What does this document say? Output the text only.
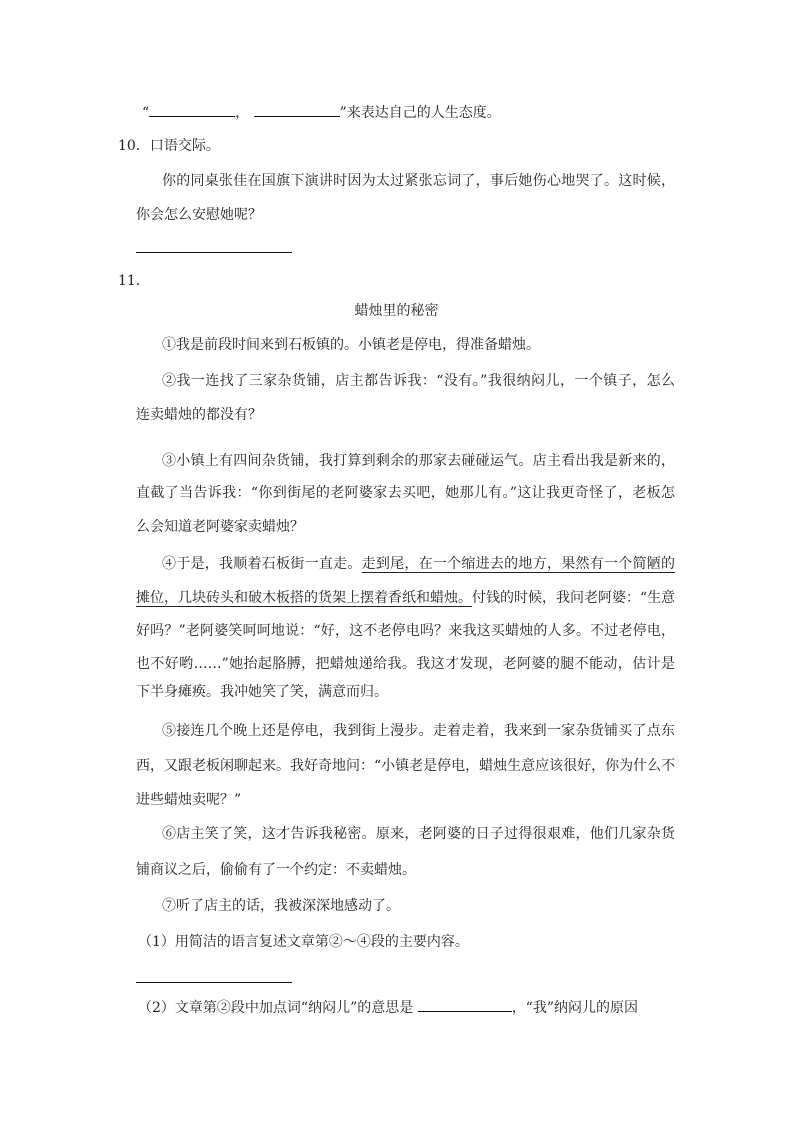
“	，	”来表达自己的人生态度。
10．口语交际。
你的同桌张佳在国旗下演讲时因为太过紧张忘词了，事后她伤心地哭了。这时候，
你会怎么安慰她呢？
11．
蜡烛里的秘密
①我是前段时间来到石板镇的。小镇老是停电，得准备蜡烛。
②我一连找了三家杂货铺，店主都告诉我：“没有。”我很纳闷儿，一个镇子，怎么
连卖蜡烛的都没有？
③小镇上有四间杂货铺，我打算到剩余的那家去碰碰运气。店主看出我是新来的，
直截了当告诉我：“你到街尾的老阿婆家去买吧，她那儿有。”这让我更奇怪了，老板怎
么会知道老阿婆家卖蜡烛？
④于是，我顺着石板街一直走。走到尾，在一个缩进去的地方，果然有一个简陋的
摊位，几块砖头和破木板搭的货架上摆着香纸和蜡烛。付钱的时候，我问老阿婆：“生意
好吗？”老阿婆笑呵呵地说：“好，这不老停电吗？来我这买蜡烛的人多。不过老停电，
也不好哟……”她抬起胳膊，把蜡烛递给我。我这才发现，老阿婆的腿不能动，估计是
下半身瘫痪。我冲她笑了笑，满意而归。
⑤接连几个晚上还是停电，我到街上漫步。走着走着，我来到一家杂货铺买了点东
西，又跟老板闲聊起来。我好奇地问：“小镇老是停电，蜡烛生意应该很好，你为什么不
进些蜡烛卖呢？”
⑥店主笑了笑，这才告诉我秘密。原来，老阿婆的日子过得很艰难，他们几家杂货
铺商议之后，偷偷有了一个约定：不卖蜡烛。
⑦听了店主的话，我被深深地感动了。
（1）用简洁的语言复述文章第②～④段的主要内容。
（2）文章第②段中加点词“纳闷儿”的意思是	，“我”纳闷儿的原因
